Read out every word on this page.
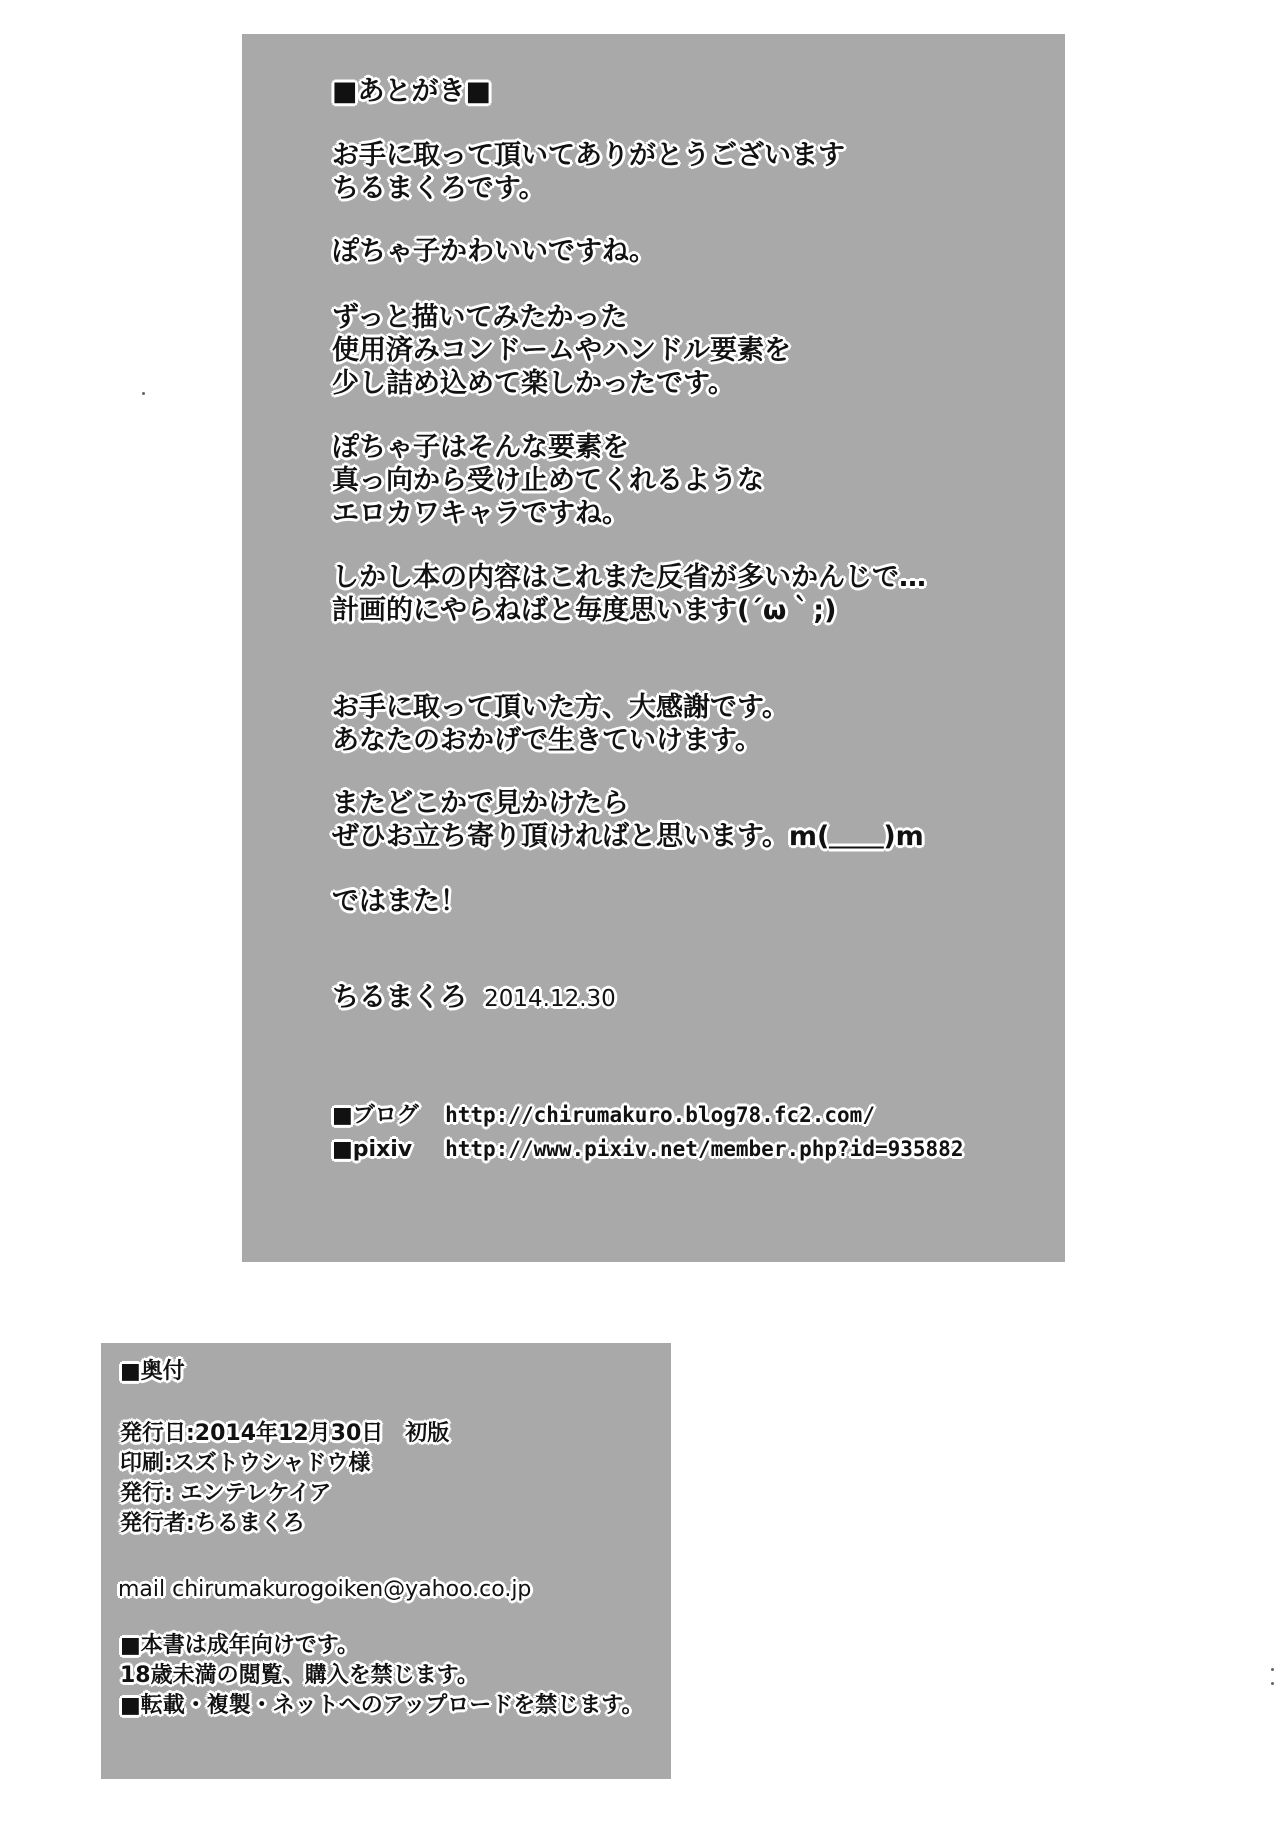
■あとがき■
お手に取って頂いてありがとうございます
ちるまくろです。
ぽちゃ子かわいいですね。
ずっと描いてみたかった
使用済みコンドームやハンドル要素を
少し詰め込めて楽しかったです。
ぽちゃ子はそんな要素を
真っ向から受け止めてくれるような
エロカワキャラですね。
しかし本の内容はこれまた反省が多いかんじで…
計画的にやらねばと毎度思います(´ω｀;)
お手に取って頂いた方、大感謝です。
あなたのおかげで生きていけます。
またどこかで見かけたら
ぜひお立ち寄り頂ければと思います。m(＿＿)m
ではまた！
ちるまくろ 2014.12.30
■ブログ http://chirumakuro.blog78.fc2.com/
■pixiv http://www.pixiv.net/member.php?id=935882
■奥付
発行日:2014年12月30日　初版
印刷:スズトウシャドウ様
発行: エンテレケイア
発行者:ちるまくろ
mail chirumakurogoiken@yahoo.co.jp
■本書は成年向けです。
18歳未満の閲覧、購入を禁じます。
■転載・複製・ネットへのアップロードを禁じます。
